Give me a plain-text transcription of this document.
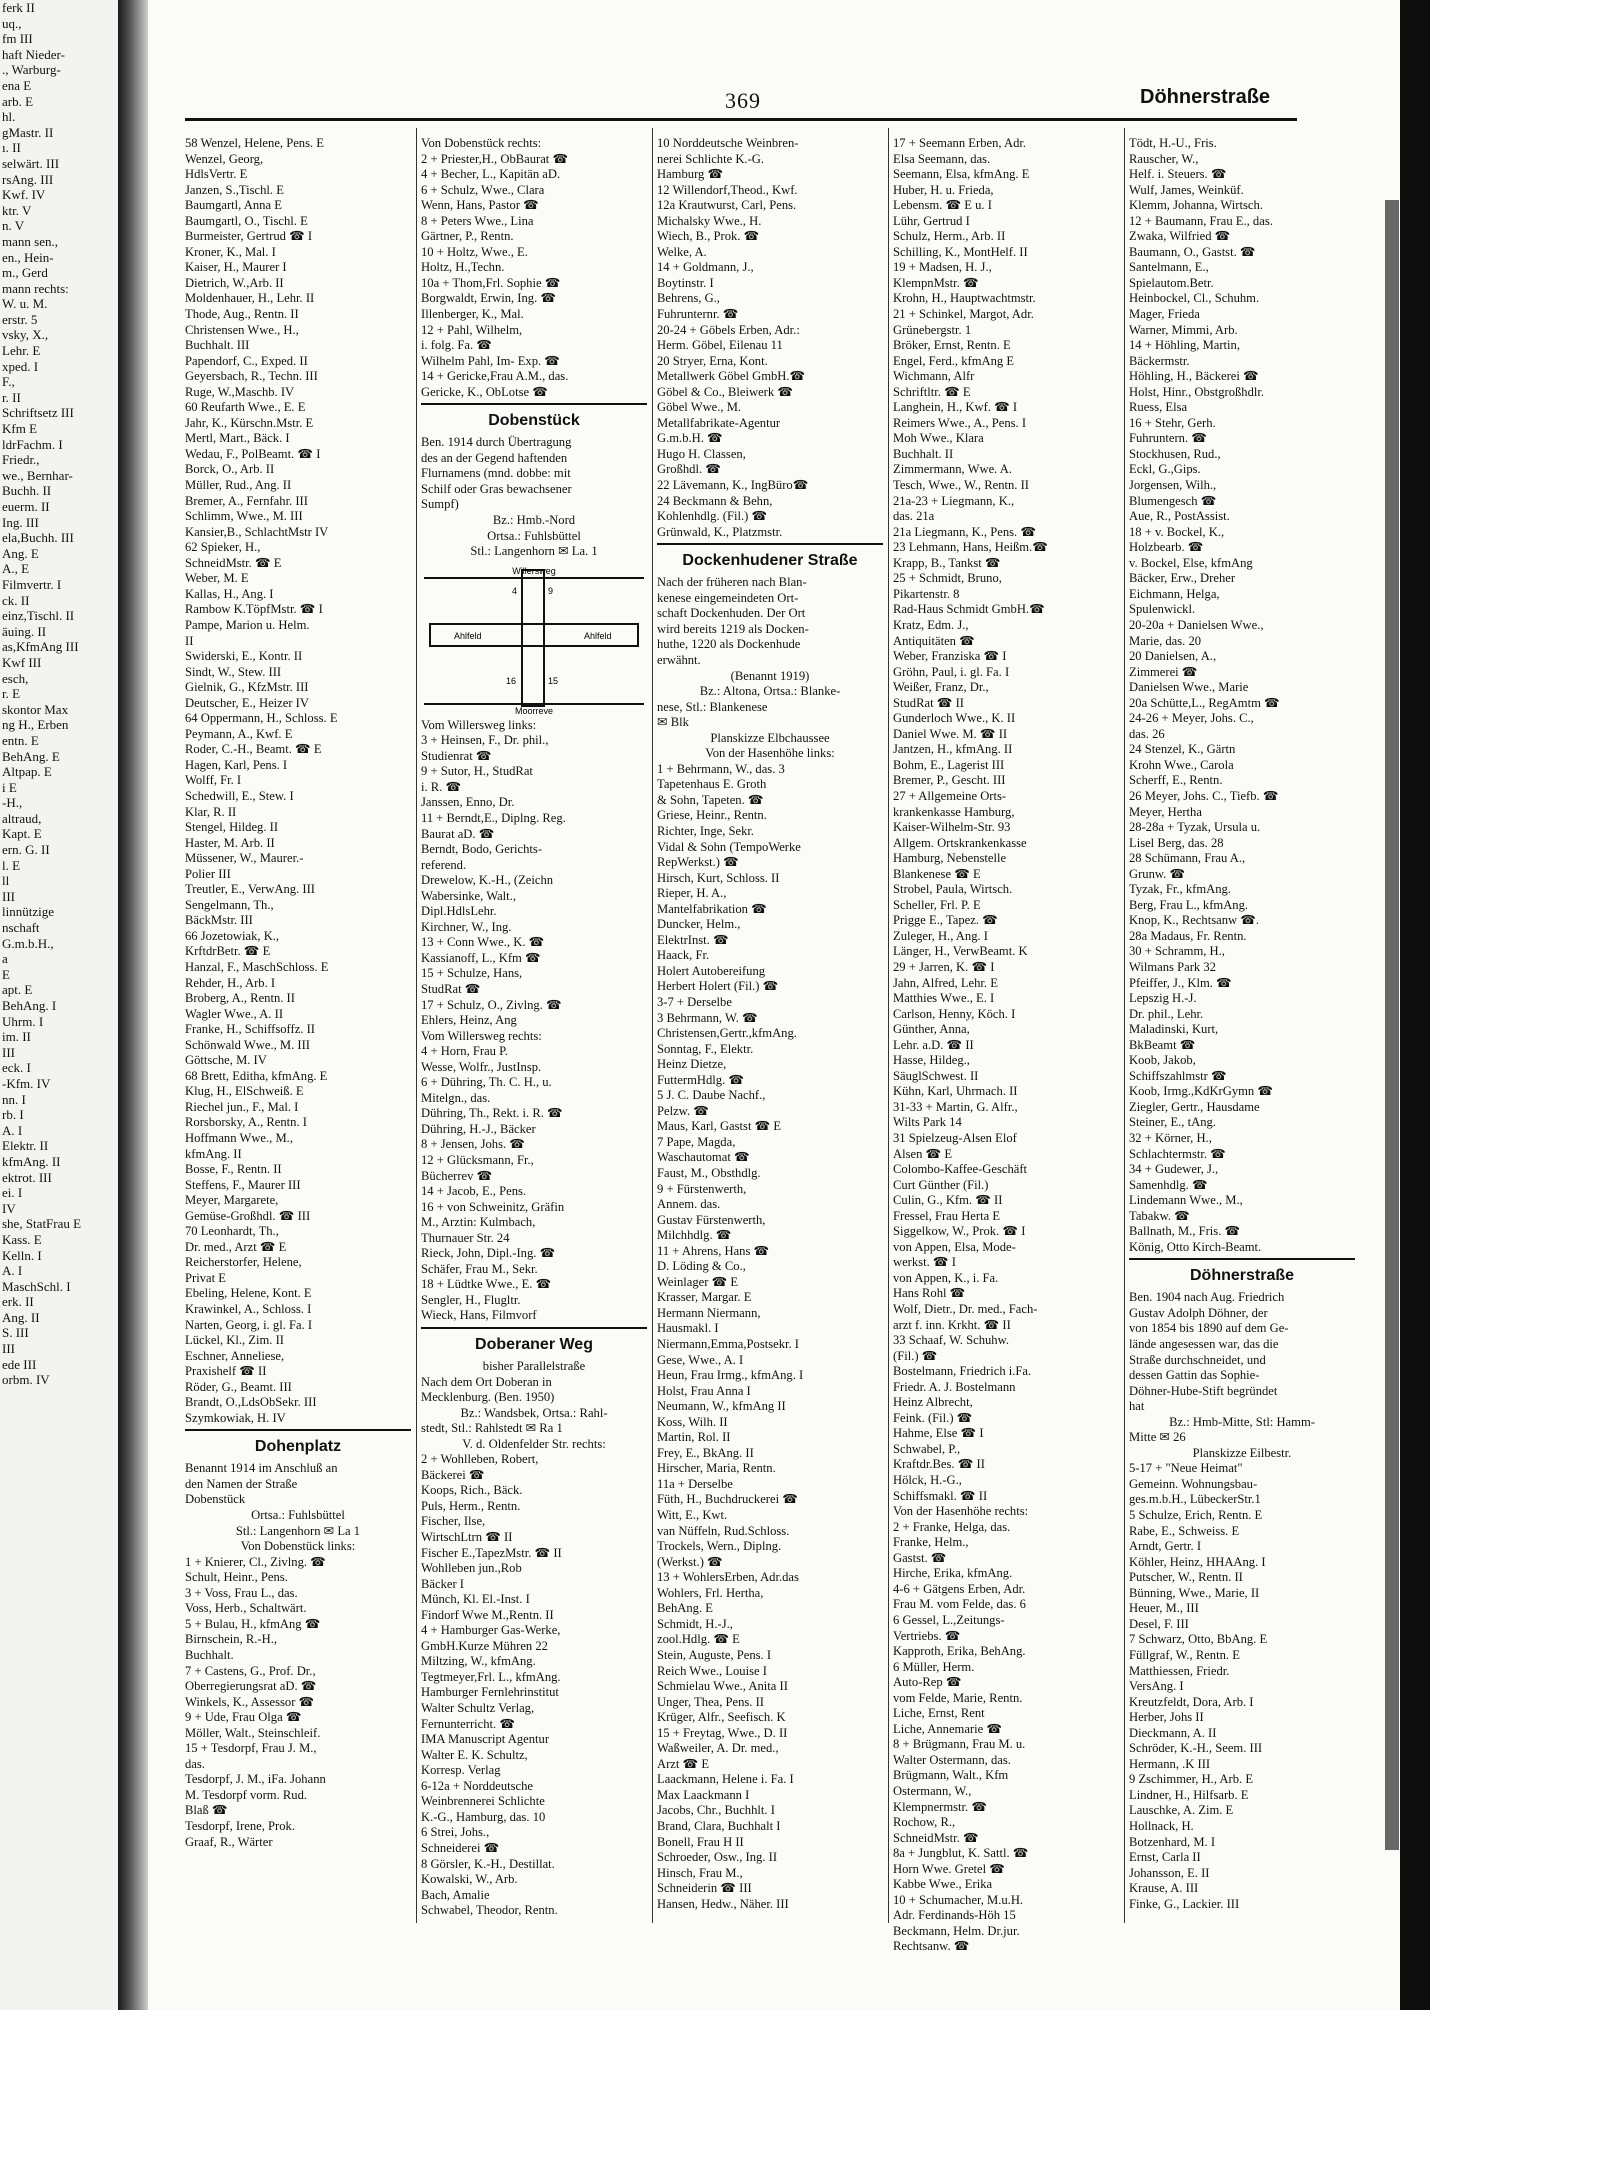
ferk II
uq.,
fm III
haft Nieder-
., Warburg-
ena E
arb. E
hl.
gMastr. II
ı. II
selwärt. III
rsAng. III
Kwf. IV
ktr. V
n. V
mann sen.,
en., Hein-
m., Gerd
mann rechts:
W. u. M.
erstr. 5
vsky, X.,
Lehr. E
xped. I
F.,
r. II
Schriftsetz III
Kfm E
ldrFachm. I
Friedr.,
we., Bernhar-
Buchh. II
euerm. II
Ing. III
ela,Buchh. III
Ang. E
A., E
Filmvertr. I
ck. II
einz,Tischl. II
äuing. II
as,KfmAng III
Kwf III
esch,
r. E
skontor Max
ng H., Erben
entn. E
BehAng. E
Altpap. E
i E
-H.,
altraud,
Kapt. E
ern. G. II
l. E
ll
III
linnützige
nschaft
G.m.b.H.,
a
E
apt. E
BehAng. I
Uhrm. I
im. II
III
eck. I
-Kfm. IV
nn. I
rb. I
A. I
Elektr. II
kfmAng. II
ektrot. III
ei. I
IV
she, StatFrau E
Kass. E
Kelln. I
A. I
MaschSchl. I
erk. II
Ang. II
S. III
III
ede III
orbm. IV
369	Döhnerstraße
58 Wenzel, Helene, Pens. E
Wenzel, Georg,
HdlsVertr. E
Janzen, S.,Tischl. E
Baumgartl, Anna E
Baumgartl, O., Tischl. E
Burmeister, Gertrud ☎ I
Kroner, K., Mal. I
Kaiser, H., Maurer I
Dietrich, W.,Arb. II
Moldenhauer, H., Lehr. II
Thode, Aug., Rentn. II
Christensen Wwe., H.,
Buchhalt. III
Papendorf, C., Exped. II
Geyersbach, R., Techn. III
Ruge, W.,Maschb. IV
60 Reufarth Wwe., E. E
Jahr, K., Kürschn.Mstr. E
Mertl, Mart., Bäck. I
Wedau, F., PolBeamt. ☎ I
Borck, O., Arb. II
Müller, Rud., Ang. II
Bremer, A., Fernfahr. III
Schlimm, Wwe., M. III
Kansier,B., SchlachtMstr IV
62 Spieker, H.,
SchneidMstr. ☎ E
Weber, M. E
Kallas, H., Ang. I
Rambow K.TöpfMstr. ☎ I
Pampe, Marion u. Helm.
II
Swiderski, E., Kontr. II
Sindt, W., Stew. III
Gielnik, G., KfzMstr. III
Deutscher, E., Heizer IV
64 Oppermann, H., Schloss. E
Peymann, A., Kwf. E
Roder, C.-H., Beamt. ☎ E
Hagen, Karl, Pens. I
Wolff, Fr. I
Schedwill, E., Stew. I
Klar, R. II
Stengel, Hildeg. II
Haster, M. Arb. II
Müssener, W., Maurer.-
Polier III
Treutler, E., VerwAng. III
Sengelmann, Th.,
BäckMstr. III
66 Jozetowiak, K.,
KrftdrBetr. ☎ E
Hanzal, F., MaschSchloss. E
Rehder, H., Arb. I
Broberg, A., Rentn. II
Wagler Wwe., A. II
Franke, H., Schiffsoffz. II
Schönwald Wwe., M. III
Göttsche, M. IV
68 Brett, Editha, kfmAng. E
Klug, H., ElSchweiß. E
Riechel jun., F., Mal. I
Rorsborsky, A., Rentn. I
Hoffmann Wwe., M.,
kfmAng. II
Bosse, F., Rentn. II
Steffens, F., Maurer III
Meyer, Margarete,
Gemüse-Großhdl. ☎ III
70 Leonhardt, Th.,
Dr. med., Arzt ☎ E
Reicherstorfer, Helene,
Privat E
Ebeling, Helene, Kont. E
Krawinkel, A., Schloss. I
Narten, Georg, i. gl. Fa. I
Lückel, Kl., Zim. II
Eschner, Anneliese,
Praxishelf ☎ II
Röder, G., Beamt. III
Brandt, O.,LdsObSekr. III
Szymkowiak, H. IV
Dohenplatz
Benannt 1914 im Anschluß an
den Namen der Straße
Dobenstück
Ortsa.: Fuhlsbüttel
Stl.: Langenhorn ✉ La 1
Von Dobenstück links:
1 + Knierer, Cl., Zivlng. ☎
Schult, Heinr., Pens.
3 + Voss, Frau L., das.
Voss, Herb., Schaltwärt.
5 + Bulau, H., kfmAng ☎
Birnschein, R.-H.,
Buchhalt.
7 + Castens, G., Prof. Dr.,
Oberregierungsrat aD. ☎
Winkels, K., Assessor ☎
9 + Ude, Frau Olga ☎
Möller, Walt., Steinschleif.
15 + Tesdorpf, Frau J. M.,
das.
Tesdorpf, J. M., iFa. Johann
M. Tesdorpf vorm. Rud.
Blaß ☎
Tesdorpf, Irene, Prok.
Graaf, R., Wärter
Von Dobenstück rechts:
2 + Priester,H., ObBaurat ☎
4 + Becher, L., Kapitän aD.
6 + Schulz, Wwe., Clara
Wenn, Hans, Pastor ☎
8 + Peters Wwe., Lina
Gärtner, P., Rentn.
10 + Holtz, Wwe., E.
Holtz, H.,Techn.
10a + Thom,Frl. Sophie ☎
Borgwaldt, Erwin, Ing. ☎
Illenberger, K., Mal.
12 + Pahl, Wilhelm,
i. folg. Fa. ☎
Wilhelm Pahl, Im- Exp. ☎
14 + Gericke,Frau A.M., das.
Gericke, K., ObLotse ☎
Dobenstück
Ben. 1914 durch Übertragung
des an der Gegend haftenden
Flurnamens (mnd. dobbe: mit
Schilf oder Gras bewachsener
Sumpf)
Bz.: Hmb.-Nord
Ortsa.: Fuhlsbüttel
Stl.: Langenhorn ✉ La. 1
Willersweg
Ahlfeld	Ahlfeld
Moorreye
4	9
16	15
Vom Willersweg links:
3 + Heinsen, F., Dr. phil.,
Studienrat ☎
9 + Sutor, H., StudRat
i. R. ☎
Janssen, Enno, Dr.
11 + Berndt,E., Diplng. Reg.
Baurat aD. ☎
Berndt, Bodo, Gerichts-
referend.
Drewelow, K.-H., (Zeichn
Wabersinke, Walt.,
Dipl.HdlsLehr.
Kirchner, W., Ing.
13 + Conn Wwe., K. ☎
Kassianoff, L., Kfm ☎
15 + Schulze, Hans,
StudRat ☎
17 + Schulz, O., Zivlng. ☎
Ehlers, Heinz, Ang
Vom Willersweg rechts:
4 + Horn, Frau P.
Wesse, Wolfr., JustInsp.
6 + Dühring, Th. C. H., u.
Mitelgn., das.
Dühring, Th., Rekt. i. R. ☎
Dühring, H.-J., Bäcker
8 + Jensen, Johs. ☎
12 + Glücksmann, Fr.,
Bücherrev ☎
14 + Jacob, E., Pens.
16 + von Schweinitz, Gräfin
M., Arztin: Kulmbach,
Thurnauer Str. 24
Rieck, John, Dipl.-Ing. ☎
Schäfer, Frau M., Sekr.
18 + Lüdtke Wwe., E. ☎
Sengler, H., Flugltr.
Wieck, Hans, Filmvorf
Doberaner Weg
bisher Parallelstraße
Nach dem Ort Doberan in
Mecklenburg. (Ben. 1950)
Bz.: Wandsbek, Ortsa.: Rahl-
stedt, Stl.: Rahlstedt ✉ Ra 1
V. d. Oldenfelder Str. rechts:
2 + Wohlleben, Robert,
Bäckerei ☎
Koops, Rich., Bäck.
Puls, Herm., Rentn.
Fischer, Ilse,
WirtschLtrn ☎ II
Fischer E.,TapezMstr. ☎ II
Wohlleben jun.,Rob
Bäcker I
Münch, Kl. El.-Inst. I
Findorf Wwe M.,Rentn. II
4 + Hamburger Gas-Werke,
GmbH.Kurze Mühren 22
Miltzing, W., kfmAng.
Tegtmeyer,Frl. L., kfmAng.
Hamburger Fernlehrinstitut
Walter Schultz Verlag,
Fernunterricht. ☎
IMA Manuscript Agentur
Walter E. K. Schultz,
Korresp. Verlag
6-12a + Norddeutsche
Weinbrennerei Schlichte
K.-G., Hamburg, das. 10
6 Strei, Johs.,
Schneiderei ☎
8 Görsler, K.-H., Destillat.
Kowalski, W., Arb.
Bach, Amalie
Schwabel, Theodor, Rentn.
10 Norddeutsche Weinbren-
nerei Schlichte K.-G.
Hamburg ☎
12 Willendorf,Theod., Kwf.
12a Krautwurst, Carl, Pens.
Michalsky Wwe., H.
Wiech, B., Prok. ☎
Welke, A.
14 + Goldmann, J.,
Boytinstr. I
Behrens, G.,
Fuhrunternr. ☎
20-24 + Göbels Erben, Adr.:
Herm. Göbel, Eilenau 11
20 Stryer, Erna, Kont.
Metallwerk Göbel GmbH.☎
Göbel & Co., Bleiwerk ☎
Göbel Wwe., M.
Metallfabrikate-Agentur
G.m.b.H. ☎
Hugo H. Classen,
Großhdl. ☎
22 Lävemann, K., IngBüro☎
24 Beckmann & Behn,
Kohlenhdlg. (Fil.) ☎
Grünwald, K., Platzmstr.
Dockenhudener Straße
Nach der früheren nach Blan-
kenese eingemeindeten Ort-
schaft Dockenhuden. Der Ort
wird bereits 1219 als Docken-
huthe, 1220 als Dockenhude
erwähnt.
(Benannt 1919)
Bz.: Altona, Ortsa.: Blanke-
nese, Stl.: Blankenese
✉ Blk
Planskizze Elbchaussee
Von der Hasenhöhe links:
1 + Behrmann, W., das. 3
Tapetenhaus E. Groth
& Sohn, Tapeten. ☎
Griese, Heinr., Rentn.
Richter, Inge, Sekr.
Vidal & Sohn (TempoWerke
RepWerkst.) ☎
Hirsch, Kurt, Schloss. II
Rieper, H. A.,
Mantelfabrikation ☎
Duncker, Helm.,
ElektrInst. ☎
Haack, Fr.
Holert Autobereifung
Herbert Holert (Fil.) ☎
3-7 + Derselbe
3 Behrmann, W. ☎
Christensen,Gertr.,kfmAng.
Sonntag, F., Elektr.
Heinz Dietze,
FuttermHdlg. ☎
5 J. C. Daube Nachf.,
Pelzw. ☎
Maus, Karl, Gastst ☎ E
7 Pape, Magda,
Waschautomat ☎
Faust, M., Obsthdlg.
9 + Fürstenwerth,
Annem. das.
Gustav Fürstenwerth,
Milchhdlg. ☎
11 + Ahrens, Hans ☎
D. Löding & Co.,
Weinlager ☎ E
Krasser, Margar. E
Hermann Niermann,
Hausmakl. I
Niermann,Emma,Postsekr. I
Gese, Wwe., A. I
Heun, Frau Irmg., kfmAng. I
Holst, Frau Anna I
Neumann, W., kfmAng II
Koss, Wilh. II
Martin, Rol. II
Frey, E., BkAng. II
Hirscher, Maria, Rentn.
11a + Derselbe
Füth, H., Buchdruckerei ☎
Witt, E., Kwt.
van Nüffeln, Rud.Schloss.
Trockels, Wern., Diplng.
(Werkst.) ☎
13 + WohlersErben, Adr.das
Wohlers, Frl. Hertha,
BehAng. E
Schmidt, H.-J.,
zool.Hdlg. ☎ E
Stein, Auguste, Pens. I
Reich Wwe., Louise I
Schmielau Wwe., Anita II
Unger, Thea, Pens. II
Krüger, Alfr., Seefisch. K
15 + Freytag, Wwe., D. II
Waßweiler, A. Dr. med.,
Arzt ☎ E
Laackmann, Helene i. Fa. I
Max Laackmann I
Jacobs, Chr., Buchhlt. I
Brand, Clara, Buchhalt I
Bonell, Frau H II
Schroeder, Osw., Ing. II
Hinsch, Frau M.,
Schneiderin ☎ III
Hansen, Hedw., Näher. III
17 + Seemann Erben, Adr.
Elsa Seemann, das.
Seemann, Elsa, kfmAng. E
Huber, H. u. Frieda,
Lebensm. ☎ E u. I
Lühr, Gertrud I
Schulz, Herm., Arb. II
Schilling, K., MontHelf. II
19 + Madsen, H. J.,
KlempnMstr. ☎
Krohn, H., Hauptwachtmstr.
21 + Schinkel, Margot, Adr.
Grünebergstr. 1
Bröker, Ernst, Rentn. E
Engel, Ferd., kfmAng E
Wichmann, Alfr
Schriftltr. ☎ E
Langhein, H., Kwf. ☎ I
Reimers Wwe., A., Pens. I
Moh Wwe., Klara
Buchhalt. II
Zimmermann, Wwe. A.
Tesch, Wwe., W., Rentn. II
21a-23 + Liegmann, K.,
das. 21a
21a Liegmann, K., Pens. ☎
23 Lehmann, Hans, Heißm.☎
Krapp, B., Tankst ☎
25 + Schmidt, Bruno,
Pikartenstr. 8
Rad-Haus Schmidt GmbH.☎
Kratz, Edm. J.,
Antiquitäten ☎
Weber, Franziska ☎ I
Gröhn, Paul, i. gl. Fa. I
Weißer, Franz, Dr.,
StudRat ☎ II
Gunderloch Wwe., K. II
Daniel Wwe. M. ☎ II
Jantzen, H., kfmAng. II
Bohm, E., Lagerist III
Bremer, P., Gescht. III
27 + Allgemeine Orts-
krankenkasse Hamburg,
Kaiser-Wilhelm-Str. 93
Allgem. Ortskrankenkasse
Hamburg, Nebenstelle
Blankenese ☎ E
Strobel, Paula, Wirtsch.
Scheller, Frl. P. E
Prigge E., Tapez. ☎
Zuleger, H., Ang. I
Länger, H., VerwBeamt. K
29 + Jarren, K. ☎ I
Jahn, Alfred, Lehr. E
Matthies Wwe., E. I
Carlson, Henny, Köch. I
Günther, Anna,
Lehr. a.D. ☎ II
Hasse, Hildeg.,
SäuglSchwest. II
Kühn, Karl, Uhrmach. II
31-33 + Martin, G. Alfr.,
Wilts Park 14
31 Spielzeug-Alsen Elof
Alsen ☎ E
Colombo-Kaffee-Geschäft
Curt Günther (Fil.)
Culin, G., Kfm. ☎ II
Fressel, Frau Herta E
Siggelkow, W., Prok. ☎ I
von Appen, Elsa, Mode-
werkst. ☎ I
von Appen, K., i. Fa.
Hans Rohl ☎
Wolf, Dietr., Dr. med., Fach-
arzt f. inn. Krkht. ☎ II
33 Schaaf, W. Schuhw.
(Fil.) ☎
Bostelmann, Friedrich i.Fa.
Friedr. A. J. Bostelmann
Heinz Albrecht,
Feink. (Fil.) ☎
Hahme, Else ☎ I
Schwabel, P.,
Kraftdr.Bes. ☎ II
Hölck, H.-G.,
Schiffsmakl. ☎ II
Von der Hasenhöhe rechts:
2 + Franke, Helga, das.
Franke, Helm.,
Gastst. ☎
Hirche, Erika, kfmAng.
4-6 + Gätgens Erben, Adr.
Frau M. vom Felde, das. 6
6 Gessel, L.,Zeitungs-
Vertriebs. ☎
Kapproth, Erika, BehAng.
6 Müller, Herm.
Auto-Rep ☎
vom Felde, Marie, Rentn.
Liche, Ernst, Rent
Liche, Annemarie ☎
8 + Brügmann, Frau M. u.
Walter Ostermann, das.
Brügmann, Walt., Kfm
Ostermann, W.,
Klempnermstr. ☎
Rochow, R.,
SchneidMstr. ☎
8a + Jungblut, K. Sattl. ☎
Horn Wwe. Gretel ☎
Kabbe Wwe., Erika
10 + Schumacher, M.u.H.
Adr. Ferdinands-Höh 15
Beckmann, Helm. Dr.jur.
Rechtsanw. ☎
Tödt, H.-U., Fris.
Rauscher, W.,
Helf. i. Steuers. ☎
Wulf, James, Weinküf.
Klemm, Johanna, Wirtsch.
12 + Baumann, Frau E., das.
Zwaka, Wilfried ☎
Baumann, O., Gastst. ☎
Santelmann, E.,
Spielautom.Betr.
Heinbockel, Cl., Schuhm.
Mager, Frieda
Warner, Mimmi, Arb.
14 + Höhling, Martin,
Bäckermstr.
Höhling, H., Bäckerei ☎
Holst, Hinr., Obstgroßhdlr.
Ruess, Elsa
16 + Stehr, Gerh.
Fuhruntern. ☎
Stockhusen, Rud.,
Eckl, G.,Gips.
Jorgensen, Wilh.,
Blumengesch ☎
Aue, R., PostAssist.
18 + v. Bockel, K.,
Holzbearb. ☎
v. Bockel, Else, kfmAng
Bäcker, Erw., Dreher
Eichmann, Helga,
Spulenwickl.
20-20a + Danielsen Wwe.,
Marie, das. 20
20 Danielsen, A.,
Zimmerei ☎
Danielsen Wwe., Marie
20a Schütte,L., RegAmtm ☎
24-26 + Meyer, Johs. C.,
das. 26
24 Stenzel, K., Gärtn
Krohn Wwe., Carola
Scherff, E., Rentn.
26 Meyer, Johs. C., Tiefb. ☎
Meyer, Hertha
28-28a + Tyzak, Ursula u.
Lisel Berg, das. 28
28 Schümann, Frau A.,
Grunw. ☎
Tyzak, Fr., kfmAng.
Berg, Frau L., kfmAng.
Knop, K., Rechtsanw ☎.
28a Madaus, Fr. Rentn.
30 + Schramm, H.,
Wilmans Park 32
Pfeiffer, J., Klm. ☎
Lepszig H.-J.
Dr. phil., Lehr.
Maladinski, Kurt,
BkBeamt ☎
Koob, Jakob,
Schiffszahlmstr ☎
Koob, Irmg.,KdKrGymn ☎
Ziegler, Gertr., Hausdame
Steiner, E., tAng.
32 + Körner, H.,
Schlachtermstr. ☎
34 + Gudewer, J.,
Samenhdlg. ☎
Lindemann Wwe., M.,
Tabakw. ☎
Ballnath, M., Fris. ☎
König, Otto Kirch-Beamt.
Döhnerstraße
Ben. 1904 nach Aug. Friedrich
Gustav Adolph Döhner, der
von 1854 bis 1890 auf dem Ge-
lände angesessen war, das die
Straße durchschneidet, und
dessen Gattin das Sophie-
Döhner-Hube-Stift begründet
hat
Bz.: Hmb-Mitte, Stl: Hamm-
Mitte ✉ 26
Planskizze Eilbestr.
5-17 + "Neue Heimat"
Gemeinn. Wohnungsbau-
ges.m.b.H., LübeckerStr.1
5 Schulze, Erich, Rentn. E
Rabe, E., Schweiss. E
Arndt, Gertr. I
Köhler, Heinz, HHAAng. I
Putscher, W., Rentn. II
Bünning, Wwe., Marie, II
Heuer, M., III
Desel, F. III
7 Schwarz, Otto, BbAng. E
Füllgraf, W., Rentn. E
Matthiessen, Friedr.
VersAng. I
Kreutzfeldt, Dora, Arb. I
Herber, Johs II
Dieckmann, A. II
Schröder, K.-H., Seem. III
Hermann, .K III
9 Zschimmer, H., Arb. E
Lindner, H., Hilfsarb. E
Lauschke, A. Zim. E
Hollnack, H.
Botzenhard, M. I
Ernst, Carla II
Johansson, E. II
Krause, A. III
Finke, G., Lackier. III
